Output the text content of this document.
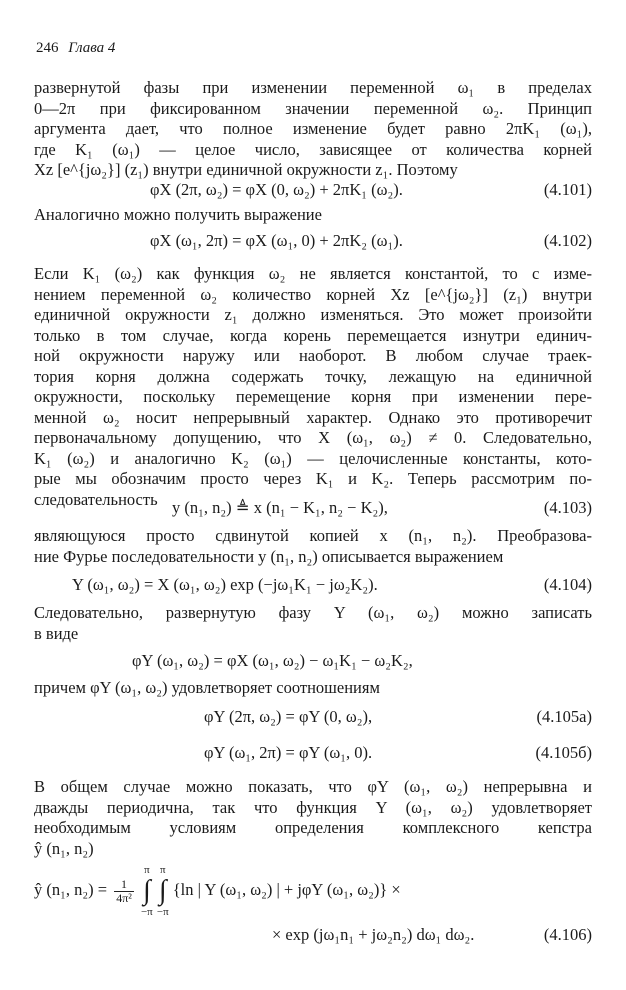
246 Глава 4
развернутой фазы при изменении переменной ω₁ в пределах
0—2π при фиксированном значении переменной ω₂. Принцип
аргумента дает, что полное изменение будет равно 2πK₁ (ω₁),
где K₁ (ω₁) — целое число, зависящее от количества корней
Xz [e^{jω₂}] (z₁) внутри единичной окружности z₁. Поэтому
φX (2π, ω₂) = φX (0, ω₂) + 2πK₁ (ω₂).	(4.101)
Аналогично можно получить выражение
φX (ω₁, 2π) = φX (ω₁, 0) + 2πK₂ (ω₁).	(4.102)
Если K₁ (ω₂) как функция ω₂ не является константой, то с изме-
нением переменной ω₂ количество корней Xz [e^{jω₂}] (z₁) внутри
единичной окружности z₁ должно изменяться. Это может произойти
только в том случае, когда корень перемещается изнутри единич-
ной окружности наружу или наоборот. В любом случае траек-
тория корня должна содержать точку, лежащую на единичной
окружности, поскольку перемещение корня при изменении пере-
менной ω₂ носит непрерывный характер. Однако это противоречит
первоначальному допущению, что X (ω₁, ω₂) ≠ 0. Следовательно,
K₁ (ω₂) и аналогично K₂ (ω₁) — целочисленные константы, кото-
рые мы обозначим просто через K₁ и K₂. Теперь рассмотрим по-
следовательность y (n₁, n₂) ≜ x (n₁ − K₁, n₂ − K₂),	(4.103)
являющуюся просто сдвинутой копией x (n₁, n₂). Преобразова-
ние Фурье последовательности y (n₁, n₂) описывается выражением
Y (ω₁, ω₂) = X (ω₁, ω₂) exp (−jω₁K₁ − jω₂K₂).	(4.104)
Следовательно, развернутую фазу Y (ω₁, ω₂) можно записать
в виде
φY (ω₁, ω₂) = φX (ω₁, ω₂) − ω₁K₁ − ω₂K₂,
причем φY (ω₁, ω₂) удовлетворяет соотношениям
φY (2π, ω₂) = φY (0, ω₂),	(4.105а)
φY (ω₁, 2π) = φY (ω₁, 0).	(4.105б)
В общем случае можно показать, что φY (ω₁, ω₂) непрерывна и
дважды периодична, так что функция Y (ω₁, ω₂) удовлетворяет
необходимым условиям определения комплексного кепстра
ŷ (n₁, n₂)
ŷ (n₁, $n_2) = \frac{1}{\text{4π²}}$
π
∫
−π π
∫
−π {ln | Y (ω₁, ω₂) | + jφY (ω₁, ω₂)} ×
× exp (jω₁n₁ + jω₂n₂) dω₁ dω₂.	(4.106)
